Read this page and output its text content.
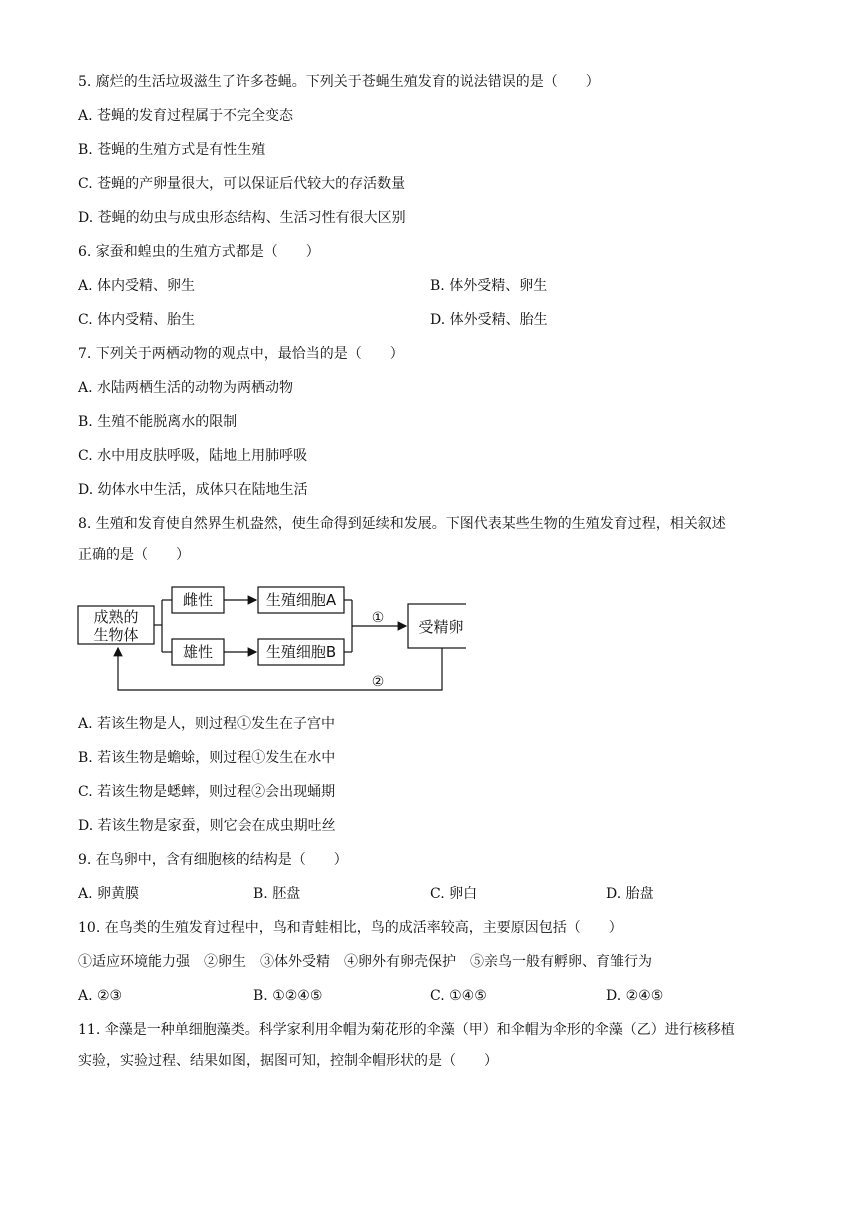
5. 腐烂的生活垃圾滋生了许多苍蝇。下列关于苍蝇生殖发育的说法错误的是（　　）
A. 苍蝇的发育过程属于不完全变态
B. 苍蝇的生殖方式是有性生殖
C. 苍蝇的产卵量很大，可以保证后代较大的存活数量
D. 苍蝇的幼虫与成虫形态结构、生活习性有很大区别
6. 家蚕和蝗虫的生殖方式都是（　　）
A. 体内受精、卵生	B. 体外受精、卵生
C. 体内受精、胎生	D. 体外受精、胎生
7. 下列关于两栖动物的观点中，最恰当的是（　　）
A. 水陆两栖生活的动物为两栖动物
B. 生殖不能脱离水的限制
C. 水中用皮肤呼吸，陆地上用肺呼吸
D. 幼体水中生活，成体只在陆地生活
8. 生殖和发育使自然界生机盎然，使生命得到延续和发展。下图代表某些生物的生殖发育过程，相关叙述
正确的是（　　）
成熟的
生物体
雌性
雄性
生殖细胞A
生殖细胞B
① 受精卵
②
A. 若该生物是人，则过程①发生在子宫中
B. 若该生物是蟾蜍，则过程①发生在水中
C. 若该生物是蟋蟀，则过程②会出现蛹期
D. 若该生物是家蚕，则它会在成虫期吐丝
9. 在鸟卵中，含有细胞核的结构是（　　）
A. 卵黄膜	B. 胚盘	C. 卵白	D. 胎盘
10. 在鸟类的生殖发育过程中，鸟和青蛙相比，鸟的成活率较高，主要原因包括（　　）
①适应环境能力强　②卵生　③体外受精　④卵外有卵壳保护　⑤亲鸟一般有孵卵、育雏行为
A. ②③	B. ①②④⑤	C. ①④⑤	D. ②④⑤
11. 伞藻是一种单细胞藻类。科学家利用伞帽为菊花形的伞藻（甲）和伞帽为伞形的伞藻（乙）进行核移植
实验，实验过程、结果如图，据图可知，控制伞帽形状的是（　　）
